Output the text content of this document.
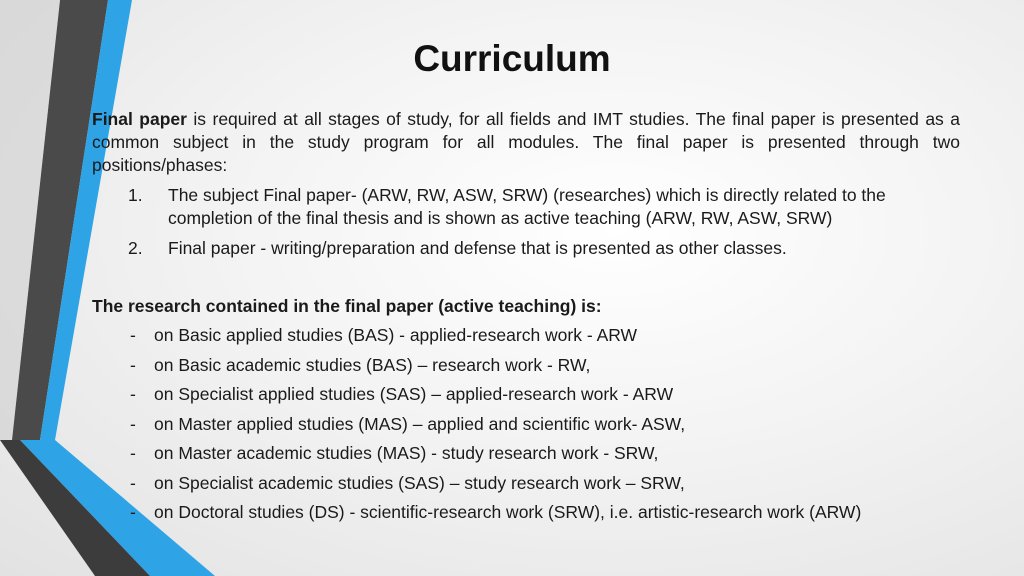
Curriculum
Final paper is required at all stages of study, for all fields and IMT studies. The final paper is presented as a common subject in the study program for all modules. The final paper is presented through two positions/phases:
1. The subject Final paper- (ARW, RW, ASW, SRW) (researches) which is directly related to the completion of the final thesis and is shown as active teaching (ARW, RW, ASW, SRW)
2. Final paper - writing/preparation and defense that is presented as other classes.
The research contained in the final paper (active teaching) is:
- on Basic applied studies (BAS) - applied-research work - ARW
- on Basic academic studies (BAS) – research work - RW,
- on Specialist applied studies (SAS) – applied-research work - ARW
- on Master applied studies (MAS) – applied and scientific work- ASW,
- on Master academic studies (MAS) - study research work - SRW,
- on Specialist academic studies (SAS) – study research work – SRW,
- on Doctoral studies (DS) - scientific-research work (SRW), i.e. artistic-research work (ARW)
